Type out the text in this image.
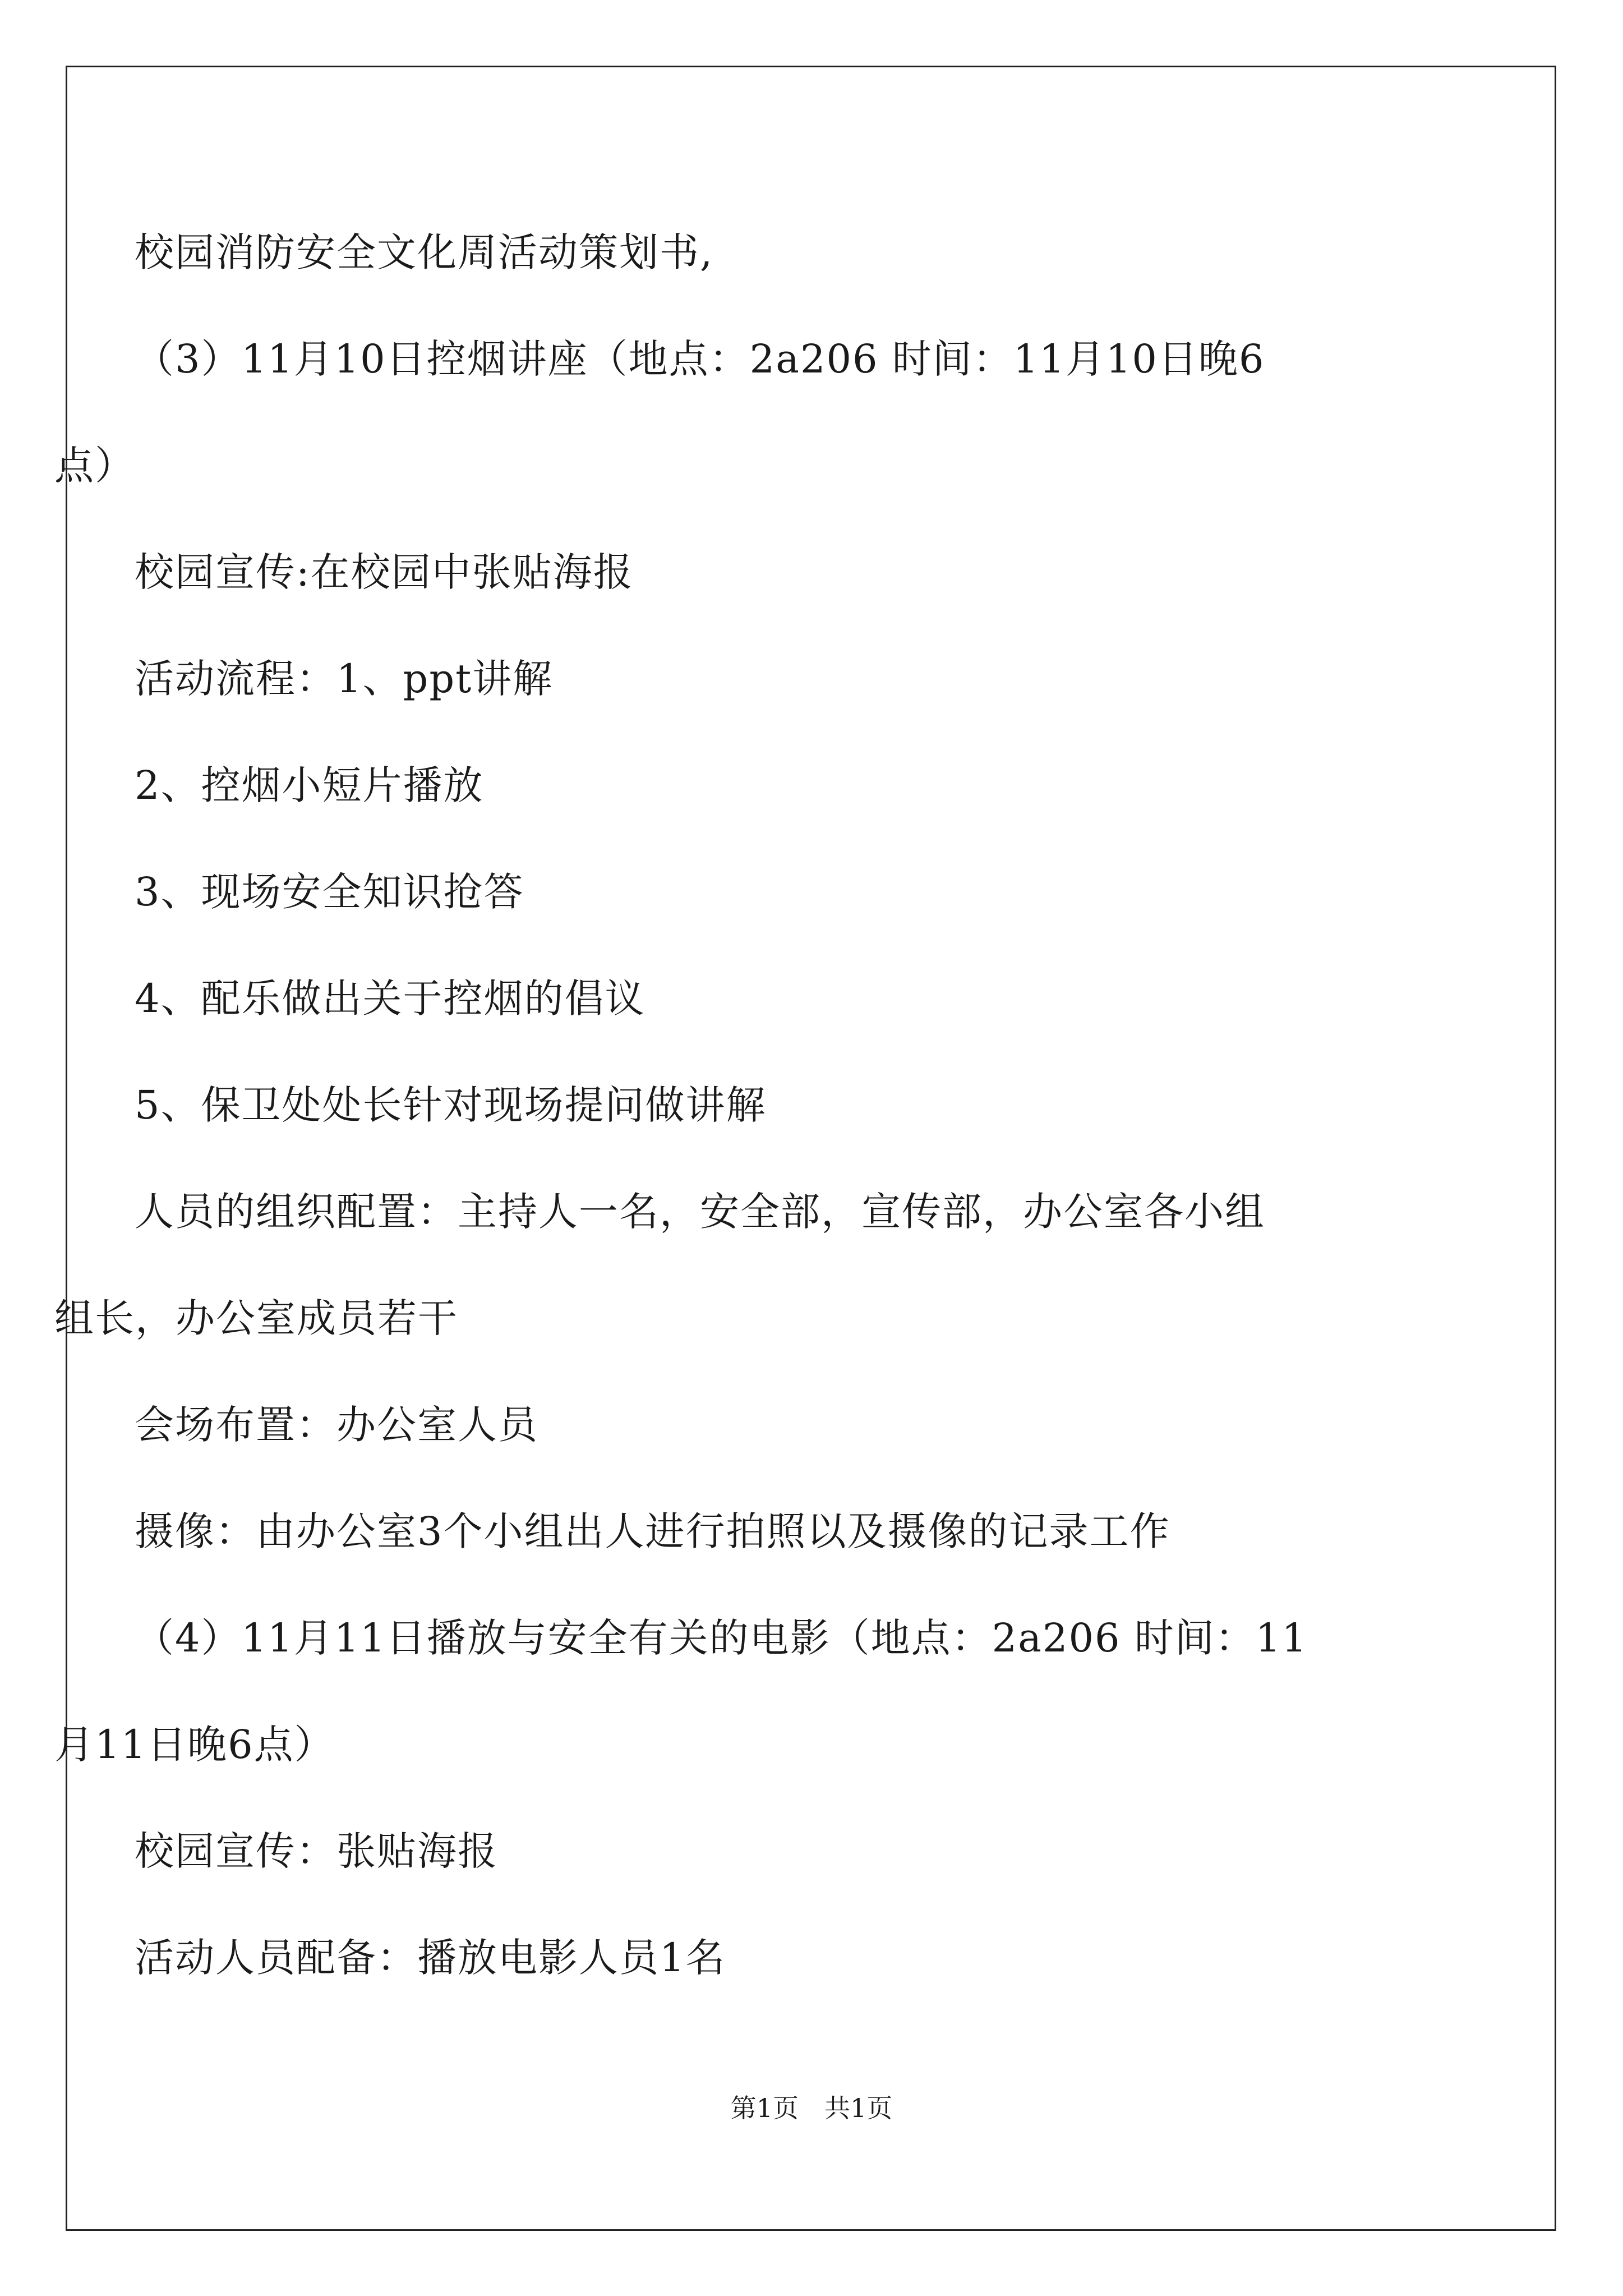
校园消防安全文化周活动策划书,
（3）11月10日控烟讲座（地点：2a206 时间：11月10日晚6
点）
校园宣传:在校园中张贴海报
活动流程：1、ppt讲解
2、控烟小短片播放
3、现场安全知识抢答
4、配乐做出关于控烟的倡议
5、保卫处处长针对现场提问做讲解
人员的组织配置：主持人一名，安全部，宣传部，办公室各小组
组长，办公室成员若干
会场布置：办公室人员
摄像：由办公室3个小组出人进行拍照以及摄像的记录工作
（4）11月11日播放与安全有关的电影（地点：2a206 时间：11
月11日晚6点）
校园宣传：张贴海报
活动人员配备：播放电影人员1名
第1页　共1页
